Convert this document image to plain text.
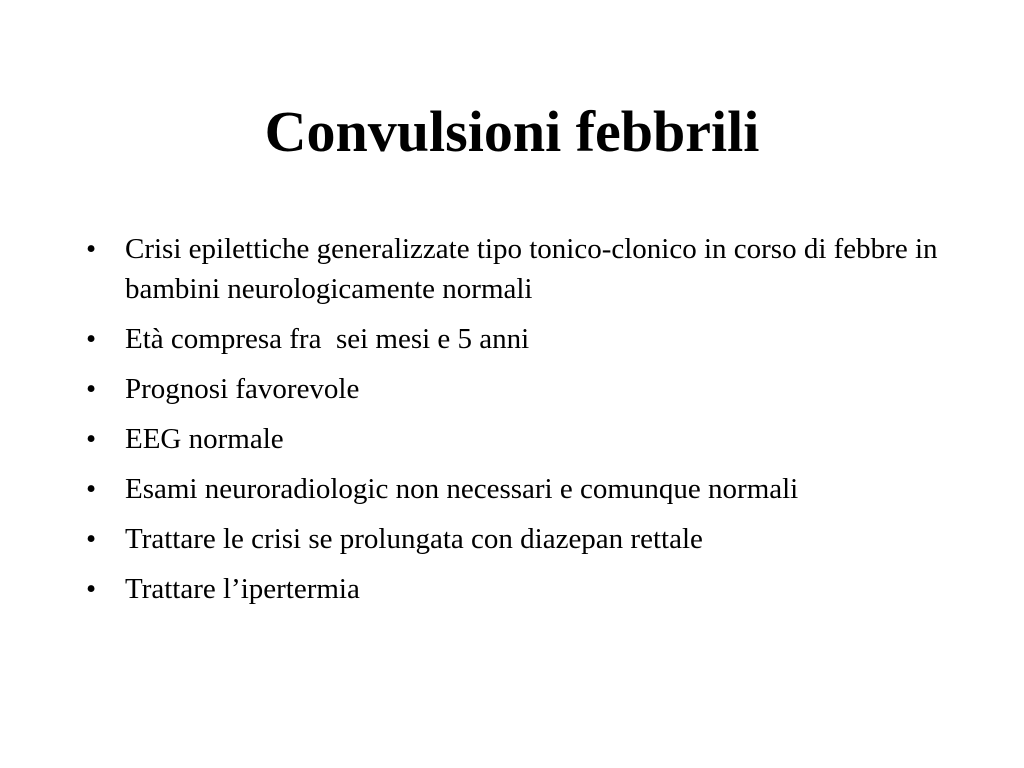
Convulsioni febbrili
• Crisi epilettiche generalizzate tipo tonico-clonico in corso di febbre in bambini neurologicamente normali
• Età compresa fra  sei mesi e 5 anni
• Prognosi favorevole
• EEG normale
• Esami neuroradiologic non necessari e comunque normali
• Trattare le crisi se prolungata con diazepan rettale
• Trattare l’ipertermia
